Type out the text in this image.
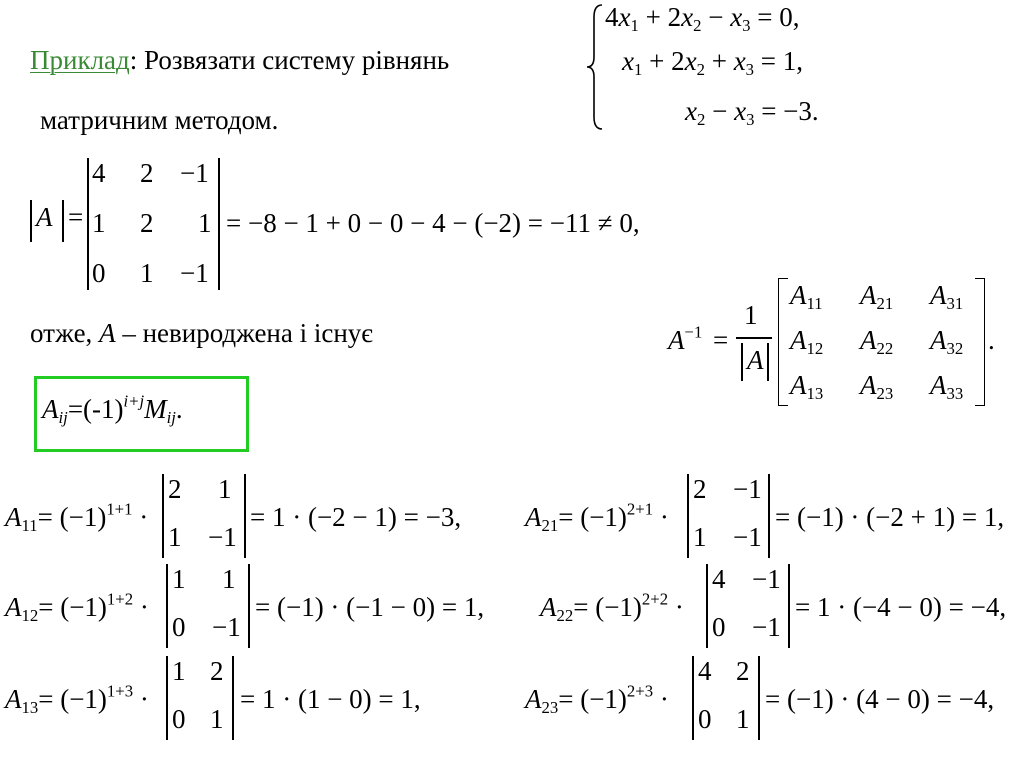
Приклад: Розвязати систему рівнянь
матричним методом.
$4x_1 + 2x_2 - x_3 = 0$,
$x_1 + 2x_2 + x_3 = 1$,
$x_2 - x_3 = -3$.
A =
4 2 −1
1 2 1
0 1 −1
= −8 − 1 + 0 − 0 − 4 − (−2) = −11 ≠ 0,
отже, A – невироджена і існує	$A^{-1}$ =
1
A
$A_{11}$ $A_{21}$ $A_{31}$
$A_{12}$ $A_{22}$ $A_{32}$
$A_{13}$ $A_{23}$ $A_{33}$
.
$A_{ij}=(-1)^{i+j}M_{ij}$.
$A_{11}= (-1)^{1+1}$ ·
2 1
1 −1
= 1 · (−2 − 1) = −3, $A_{21}= (-1)^{2+1}$ ·
2 −1
1 −1
= (−1) · (−2 + 1) = 1,
$A_{12}= (-1)^{1+2}$ ·
1 1
0 −1
= (−1) · (−1 − 0) = 1, $A_{22}= (-1)^{2+2}$ ·
4 −1
0 −1
= 1 · (−4 − 0) = −4,
$A_{13}= (-1)^{1+3}$ ·
1 2
0 1
= 1 · (1 − 0) = 1,	$A_{23}= (-1)^{2+3}$ ·
4 2
0 1
= (−1) · (4 − 0) = −4,
